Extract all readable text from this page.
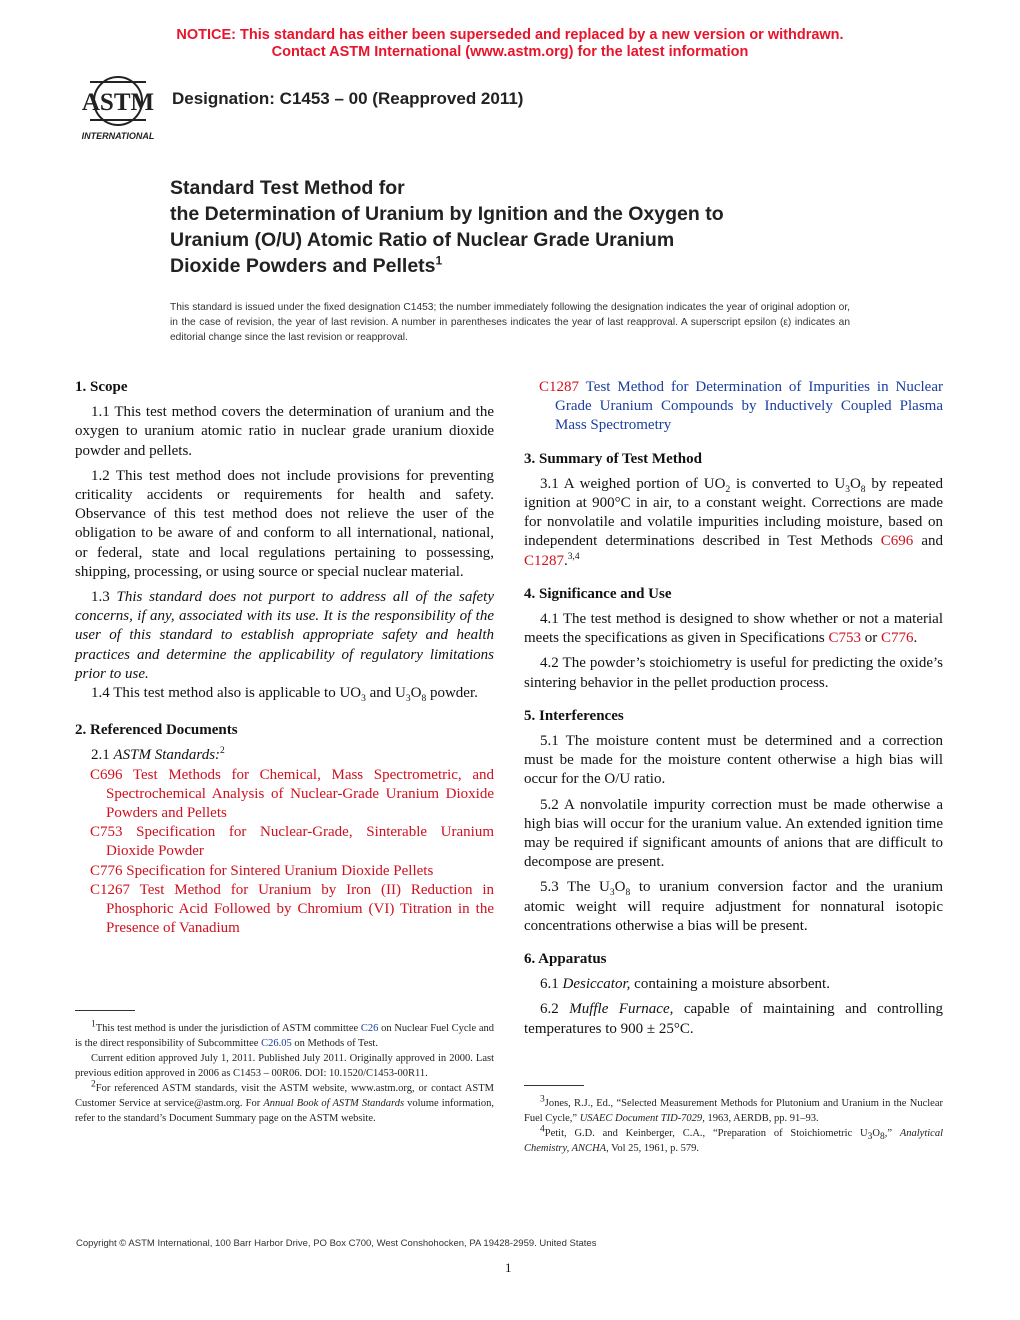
NOTICE: This standard has either been superseded and replaced by a new version or withdrawn.
Contact ASTM International (www.astm.org) for the latest information
ASTM
INTERNATIONAL
Designation: C1453 – 00 (Reapproved 2011)
Standard Test Method for
the Determination of Uranium by Ignition and the Oxygen to
Uranium (O/U) Atomic Ratio of Nuclear Grade Uranium
Dioxide Powders and Pellets$^1$
This standard is issued under the fixed designation C1453; the number immediately following the designation indicates the year of original adoption or, in the case of revision, the year of last revision. A number in parentheses indicates the year of last reapproval. A superscript epsilon (ε) indicates an editorial change since the last revision or reapproval.

1. Scope

1.1 This test method covers the determination of uranium and the oxygen to uranium atomic ratio in nuclear grade uranium dioxide powder and pellets.

1.2 This test method does not include provisions for preventing criticality accidents or requirements for health and safety. Observance of this test method does not relieve the user of the obligation to be aware of and conform to all international, national, or federal, state and local regulations pertaining to possessing, shipping, processing, or using source or special nuclear material.

1.3 This standard does not purport to address all of the safety concerns, if any, associated with its use. It is the responsibility of the user of this standard to establish appropriate safety and health practices and determine the applicability of regulatory limitations prior to use.

1.4 This test method also is applicable to $UO_3$ and $U_3O_8$ powder.

2. Referenced Documents

2.1 ASTM Standards:$^2$

C696 Test Methods for Chemical, Mass Spectrometric, and Spectrochemical Analysis of Nuclear-Grade Uranium Dioxide Powders and Pellets

C753 Specification for Nuclear-Grade, Sinterable Uranium Dioxide Powder

C776 Specification for Sintered Uranium Dioxide Pellets

C1267 Test Method for Uranium by Iron (II) Reduction in Phosphoric Acid Followed by Chromium (VI) Titration in the Presence of Vanadium

$^1$This test method is under the jurisdiction of ASTM committee C26 on Nuclear Fuel Cycle and is the direct responsibility of Subcommittee C26.05 on Methods of Test.

Current edition approved July 1, 2011. Published July 2011. Originally approved in 2000. Last previous edition approved in 2006 as C1453 – 00R06. DOI: 10.1520/C1453-00R11.

$^2$For referenced ASTM standards, visit the ASTM website, www.astm.org, or contact ASTM Customer Service at service@astm.org. For Annual Book of ASTM Standards volume information, refer to the standard’s Document Summary page on the ASTM website.

C1287 Test Method for Determination of Impurities in Nuclear Grade Uranium Compounds by Inductively Coupled Plasma Mass Spectrometry

3. Summary of Test Method

3.1 A weighed portion of $UO_2$ is converted to $U_3O_8$ by repeated ignition at 900°C in air, to a constant weight. Corrections are made for nonvolatile and volatile impurities including moisture, based on independent determinations described in Test Methods C696 and C1287.$^{3,4}$

4. Significance and Use

4.1 The test method is designed to show whether or not a material meets the specifications as given in Specifications C753 or C776.

4.2 The powder’s stoichiometry is useful for predicting the oxide’s sintering behavior in the pellet production process.

5. Interferences

5.1 The moisture content must be determined and a correction must be made for the moisture content otherwise a high bias will occur for the O/U ratio.

5.2 A nonvolatile impurity correction must be made otherwise a high bias will occur for the uranium value. An extended ignition time may be required if significant amounts of anions that are difficult to decompose are present.

5.3 The $U_3O_8$ to uranium conversion factor and the uranium atomic weight will require adjustment for nonnatural isotopic concentrations otherwise a bias will be present.

6. Apparatus

6.1 Desiccator, containing a moisture absorbent.

6.2 Muffle Furnace, capable of maintaining and controlling temperatures to 900 ± 25°C.

$^3$Jones, R.J., Ed., “Selected Measurement Methods for Plutonium and Uranium in the Nuclear Fuel Cycle,” USAEC Document TID-7029, 1963, AERDB, pp. 91–93.

$^4$Petit, G.D. and Keinberger, C.A., “Preparation of Stoichiometric $U_3O_8$,” Analytical Chemistry, ANCHA, Vol 25, 1961, p. 579.

Copyright © ASTM International, 100 Barr Harbor Drive, PO Box C700, West Conshohocken, PA 19428-2959. United States
1
